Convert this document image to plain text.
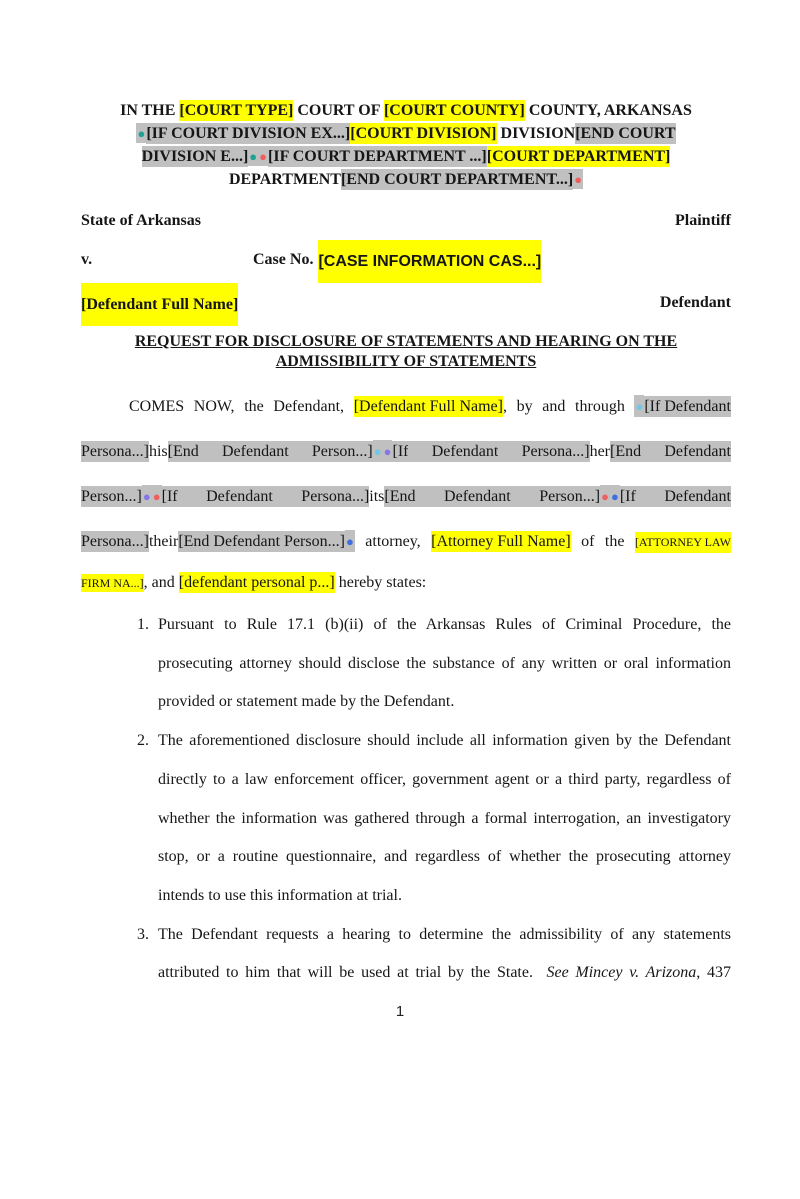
IN THE [COURT TYPE] COURT OF [COURT COUNTY] COUNTY, ARKANSAS
●[IF COURT DIVISION EX...][COURT DIVISION] DIVISION[END COURT
DIVISION E...]● ●[IF COURT DEPARTMENT ...][COURT DEPARTMENT]
DEPARTMENT[END COURT DEPARTMENT...]●
State of Arkansas	Plaintiff
v.	Case No. [CASE INFORMATION CAS...]
[Defendant Full Name]	Defendant
REQUEST FOR DISCLOSURE OF STATEMENTS AND HEARING ON THE
ADMISSIBILITY OF STATEMENTS

COMES
NOW,
the
Defendant,
[Defendant Full Name] ,
by
and
through
● [If Defendant
Persona...] his [End
Defendant
Person...] ● ● [If
Defendant
Persona...] her [End
Defendant
Person...] ● ● [If
Defendant
Persona...] its [End
Defendant
Person...] ● ● [If
Defendant
Persona...] their [End Defendant Person...] ●
attorney,
[Attorney Full Name]
of
the
[ATTORNEY LAW
FIRM NA...], and [defendant personal p...] hereby states:
1. Pursuant to Rule 17.1 (b)(ii) of the Arkansas Rules of Criminal Procedure, the prosecuting attorney should disclose the substance of any written or oral information provided or statement made by the Defendant.

2. The aforementioned disclosure should include all information given by the Defendant directly to a law enforcement officer, government agent or a third party, regardless of whether the information was gathered through a formal interrogation, an investigatory stop, or a routine questionnaire, and regardless of whether the prosecuting attorney intends to use this information at trial.

3. The Defendant requests a hearing to determine the admissibility of any statements attributed to him that will be used at trial by the State.  See Mincey v. Arizona, 437

1
